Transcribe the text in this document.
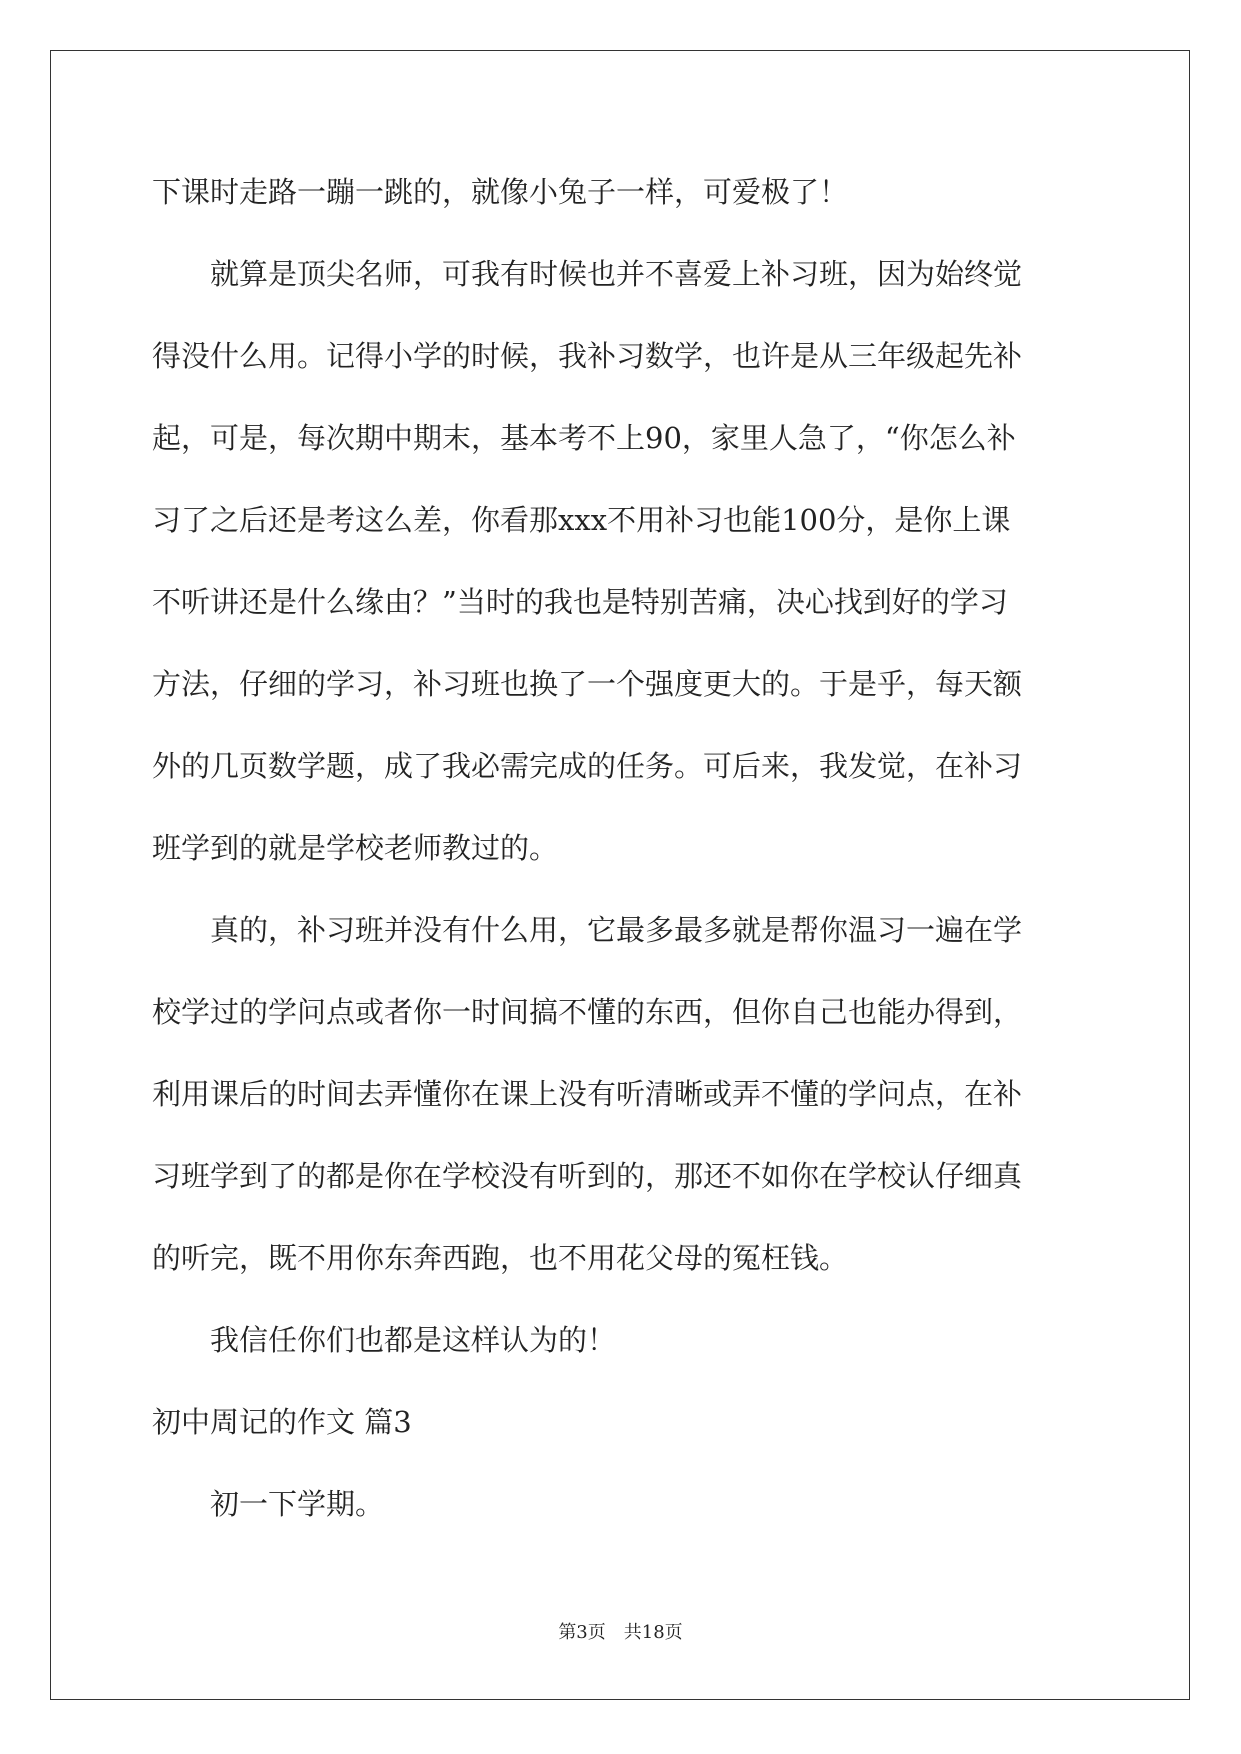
下课时走路一蹦一跳的，就像小兔子一样，可爱极了！
就算是顶尖名师，可我有时候也并不喜爱上补习班，因为始终觉
得没什么用。记得小学的时候，我补习数学，也许是从三年级起先补
起，可是，每次期中期末，基本考不上90，家里人急了，“你怎么补
习了之后还是考这么差，你看那xxx不用补习也能100分，是你上课
不听讲还是什么缘由？”当时的我也是特别苦痛，决心找到好的学习
方法，仔细的学习，补习班也换了一个强度更大的。于是乎，每天额
外的几页数学题，成了我必需完成的任务。可后来，我发觉，在补习
班学到的就是学校老师教过的。
真的，补习班并没有什么用，它最多最多就是帮你温习一遍在学
校学过的学问点或者你一时间搞不懂的东西，但你自己也能办得到，
利用课后的时间去弄懂你在课上没有听清晰或弄不懂的学问点，在补
习班学到了的都是你在学校没有听到的，那还不如你在学校认仔细真
的听完，既不用你东奔西跑，也不用花父母的冤枉钱。
我信任你们也都是这样认为的！
初中周记的作文 篇3
初一下学期。
第3页　共18页
